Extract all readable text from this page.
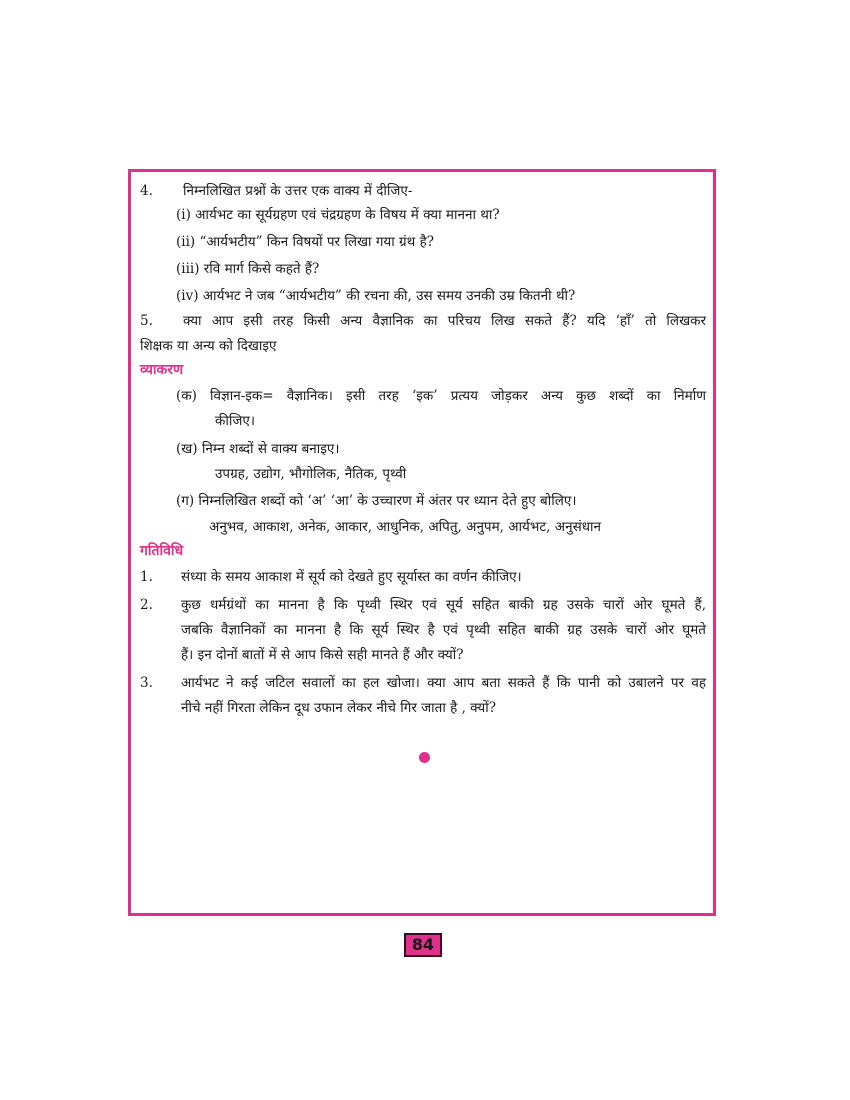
4. निम्नलिखित प्रश्नों के उत्तर एक वाक्य में दीजिए-
(i) आर्यभट का सूर्यग्रहण एवं चंद्रग्रहण के विषय में क्या मानना था?
(ii) “आर्यभटीय” किन विषयों पर लिखा गया ग्रंथ है?
(iii) रवि मार्ग किसे कहते हैं?
(iv) आर्यभट ने जब “आर्यभटीय” की रचना की, उस समय उनकी उम्र कितनी थी?
5. क्या आप इसी तरह किसी अन्य वैज्ञानिक का परिचय लिख सकते हैं? यदि ‘हाँ’ तो लिखकर
शिक्षक या अन्य को दिखाइए
व्याकरण
(क) विज्ञान-इक= वैज्ञानिक। इसी तरह ‘इक’ प्रत्यय जोड़कर अन्य कुछ शब्दों का निर्माण
कीजिए।
(ख) निम्न शब्दों से वाक्य बनाइए।
उपग्रह, उद्योग, भौगोलिक, नैतिक, पृथ्वी
(ग) निम्नलिखित शब्दों को ‘अ’ ‘आ’ के उच्चारण में अंतर पर ध्यान देते हुए बोलिए।
अनुभव, आकाश, अनेक, आकार, आधुनिक, अपितु, अनुपम, आर्यभट, अनुसंधान
गतिविधि
1. संध्या के समय आकाश में सूर्य को देखते हुए सूर्यास्त का वर्णन कीजिए।
2. कुछ धर्मग्रंथों का मानना है कि पृथ्वी स्थिर एवं सूर्य सहित बाकी ग्रह उसके चारों ओर घूमते हैं,
जबकि वैज्ञानिकों का मानना है कि सूर्य स्थिर है एवं पृथ्वी सहित बाकी ग्रह उसके चारों ओर घूमते
हैं। इन दोनों बातों में से आप किसे सही मानते हैं और क्यों?
3. आर्यभट ने कई जटिल सवालों का हल खोजा। क्या आप बता सकते हैं कि पानी को उबालने पर वह
नीचे नहीं गिरता लेकिन दूध उफान लेकर नीचे गिर जाता है , क्यों?
84
